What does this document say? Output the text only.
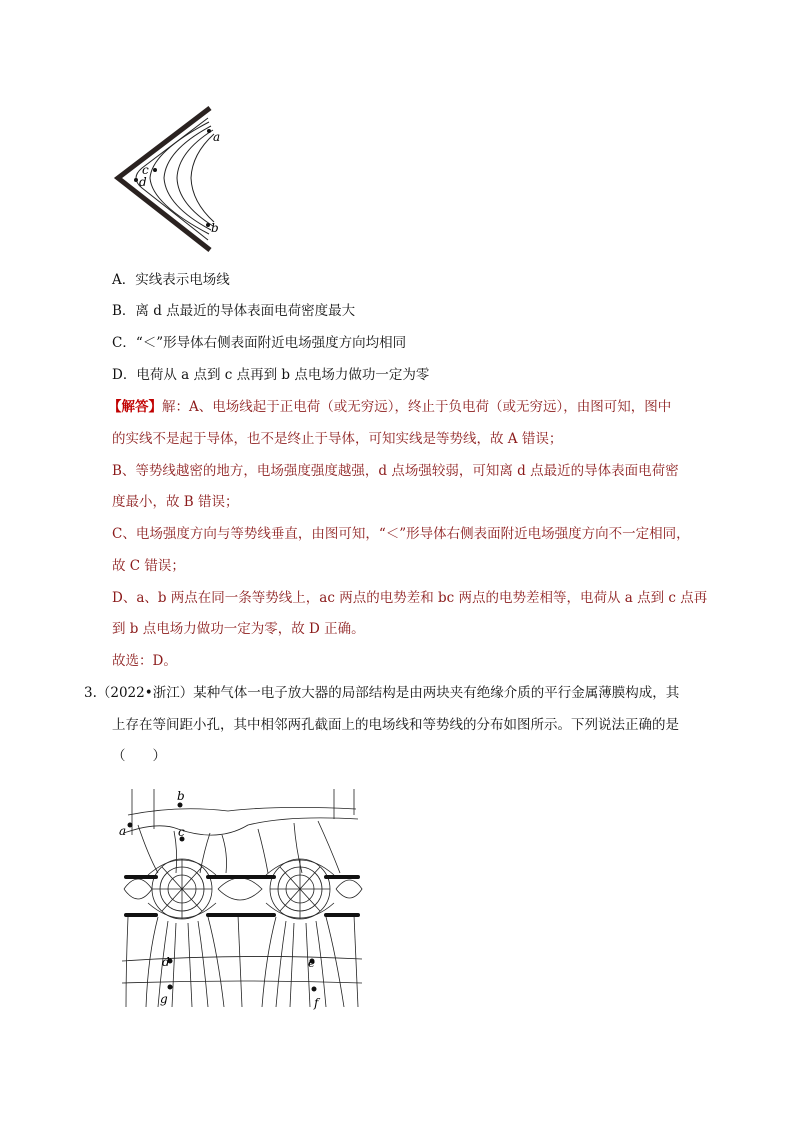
a
b
c
d
A．实线表示电场线
B．离 d 点最近的导体表面电荷密度最大
C．“＜”形导体右侧表面附近电场强度方向均相同
D．电荷从 a 点到 c 点再到 b 点电场力做功一定为零
【解答】解：A、电场线起于正电荷（或无穷远），终止于负电荷（或无穷远），由图可知，图中
的实线不是起于导体，也不是终止于导体，可知实线是等势线，故 A 错误；
B、等势线越密的地方，电场强度强度越强，d 点场强较弱，可知离 d 点最近的导体表面电荷密
度最小，故 B 错误；
C、电场强度方向与等势线垂直，由图可知，“＜”形导体右侧表面附近电场强度方向不一定相同，
故 C 错误；
D、a、b 两点在同一条等势线上，ac 两点的电势差和 bc 两点的电势差相等，电荷从 a 点到 c 点再
到 b 点电场力做功一定为零，故 D 正确。
故选：D。
3.（2022•浙江）某种气体一电子放大器的局部结构是由两块夹有绝缘介质的平行金属薄膜构成，其
上存在等间距小孔，其中相邻两孔截面上的电场线和等势线的分布如图所示。下列说法正确的是
（　　）
a
b
c
d	e
f
g
